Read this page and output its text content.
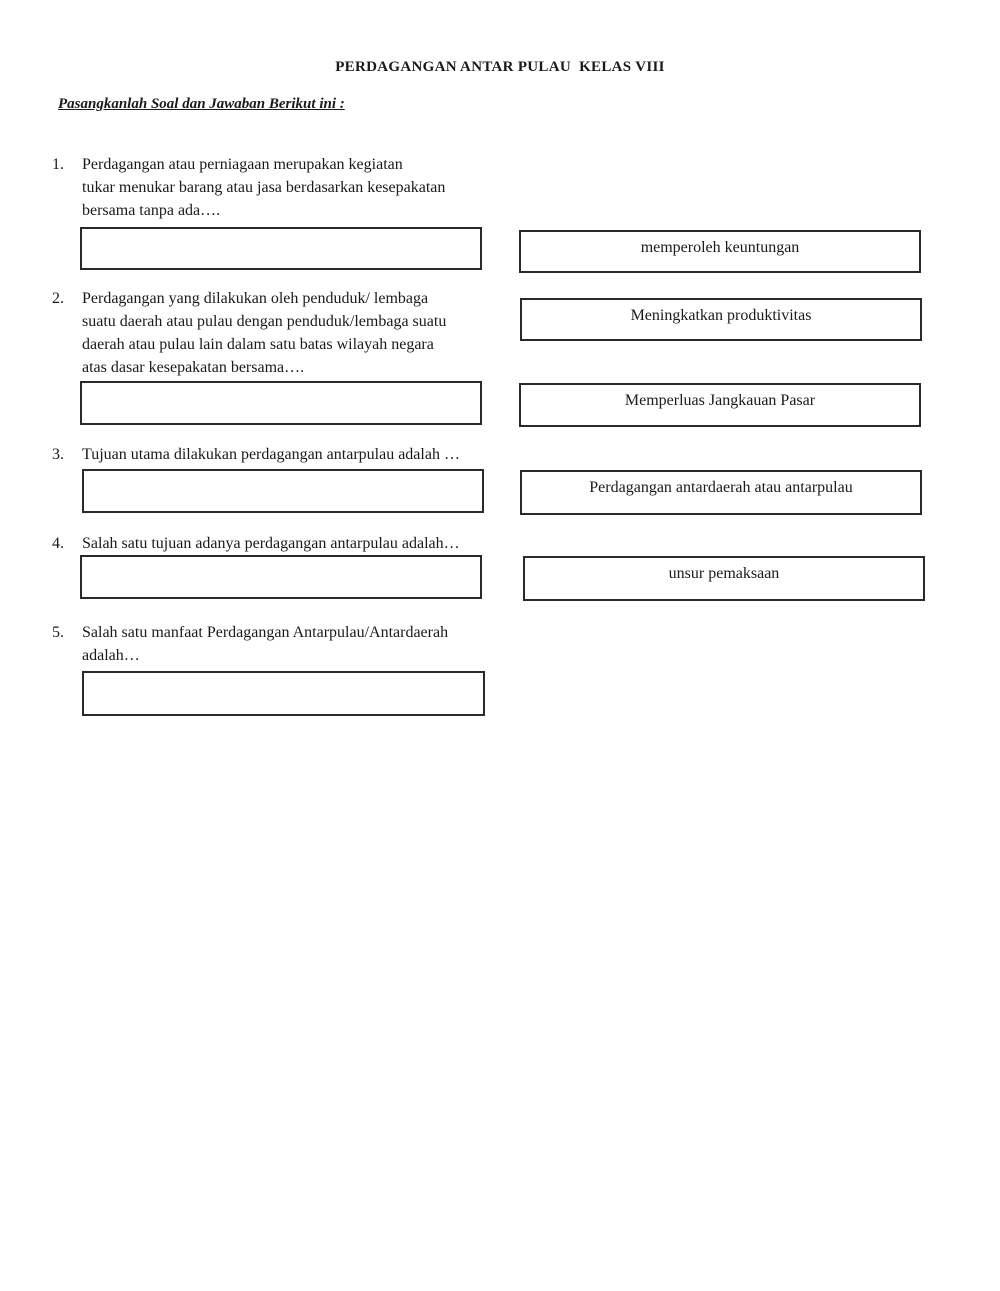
PERDAGANGAN ANTAR PULAU  KELAS VIII
Pasangkanlah Soal dan Jawaban Berikut ini :
1. Perdagangan atau perniagaan merupakan kegiatan
tukar menukar barang atau jasa berdasarkan kesepakatan
bersama tanpa ada….
2. Perdagangan yang dilakukan oleh penduduk/ lembaga
suatu daerah atau pulau dengan penduduk/lembaga suatu
daerah atau pulau lain dalam satu batas wilayah negara
atas dasar kesepakatan bersama….
3. Tujuan utama dilakukan perdagangan antarpulau adalah …
4. Salah satu tujuan adanya perdagangan antarpulau adalah…
5. Salah satu manfaat Perdagangan Antarpulau/Antardaerah
adalah…
memperoleh keuntungan
Meningkatkan produktivitas
Memperluas Jangkauan Pasar
Perdagangan antardaerah atau antarpulau
unsur pemaksaan
